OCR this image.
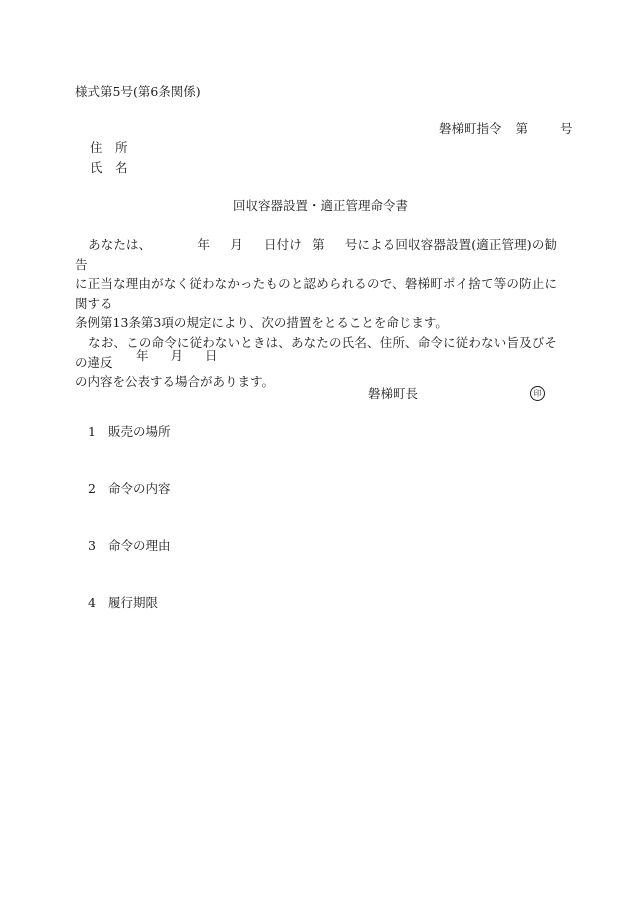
様式第5号(第6条関係)
磐梯町指令 第	号
住　所
氏　名
回収容器設置・適正管理命令書
あなたは、	年 月 日付け 第 号による回収容器設置(適正管理)の勧告
に正当な理由がなく従わなかったものと認められるので、磐梯町ポイ捨て等の防止に関する
条例第13条第3項の規定により、次の措置をとることを命じます。
なお、この命令に従わないときは、あなたの氏名、住所、命令に従わない旨及びその違反
の内容を公表する場合があります。
年 月 日
磐梯町長	印
1 販売の場所
2 命令の内容
3 命令の理由
4 履行期限
